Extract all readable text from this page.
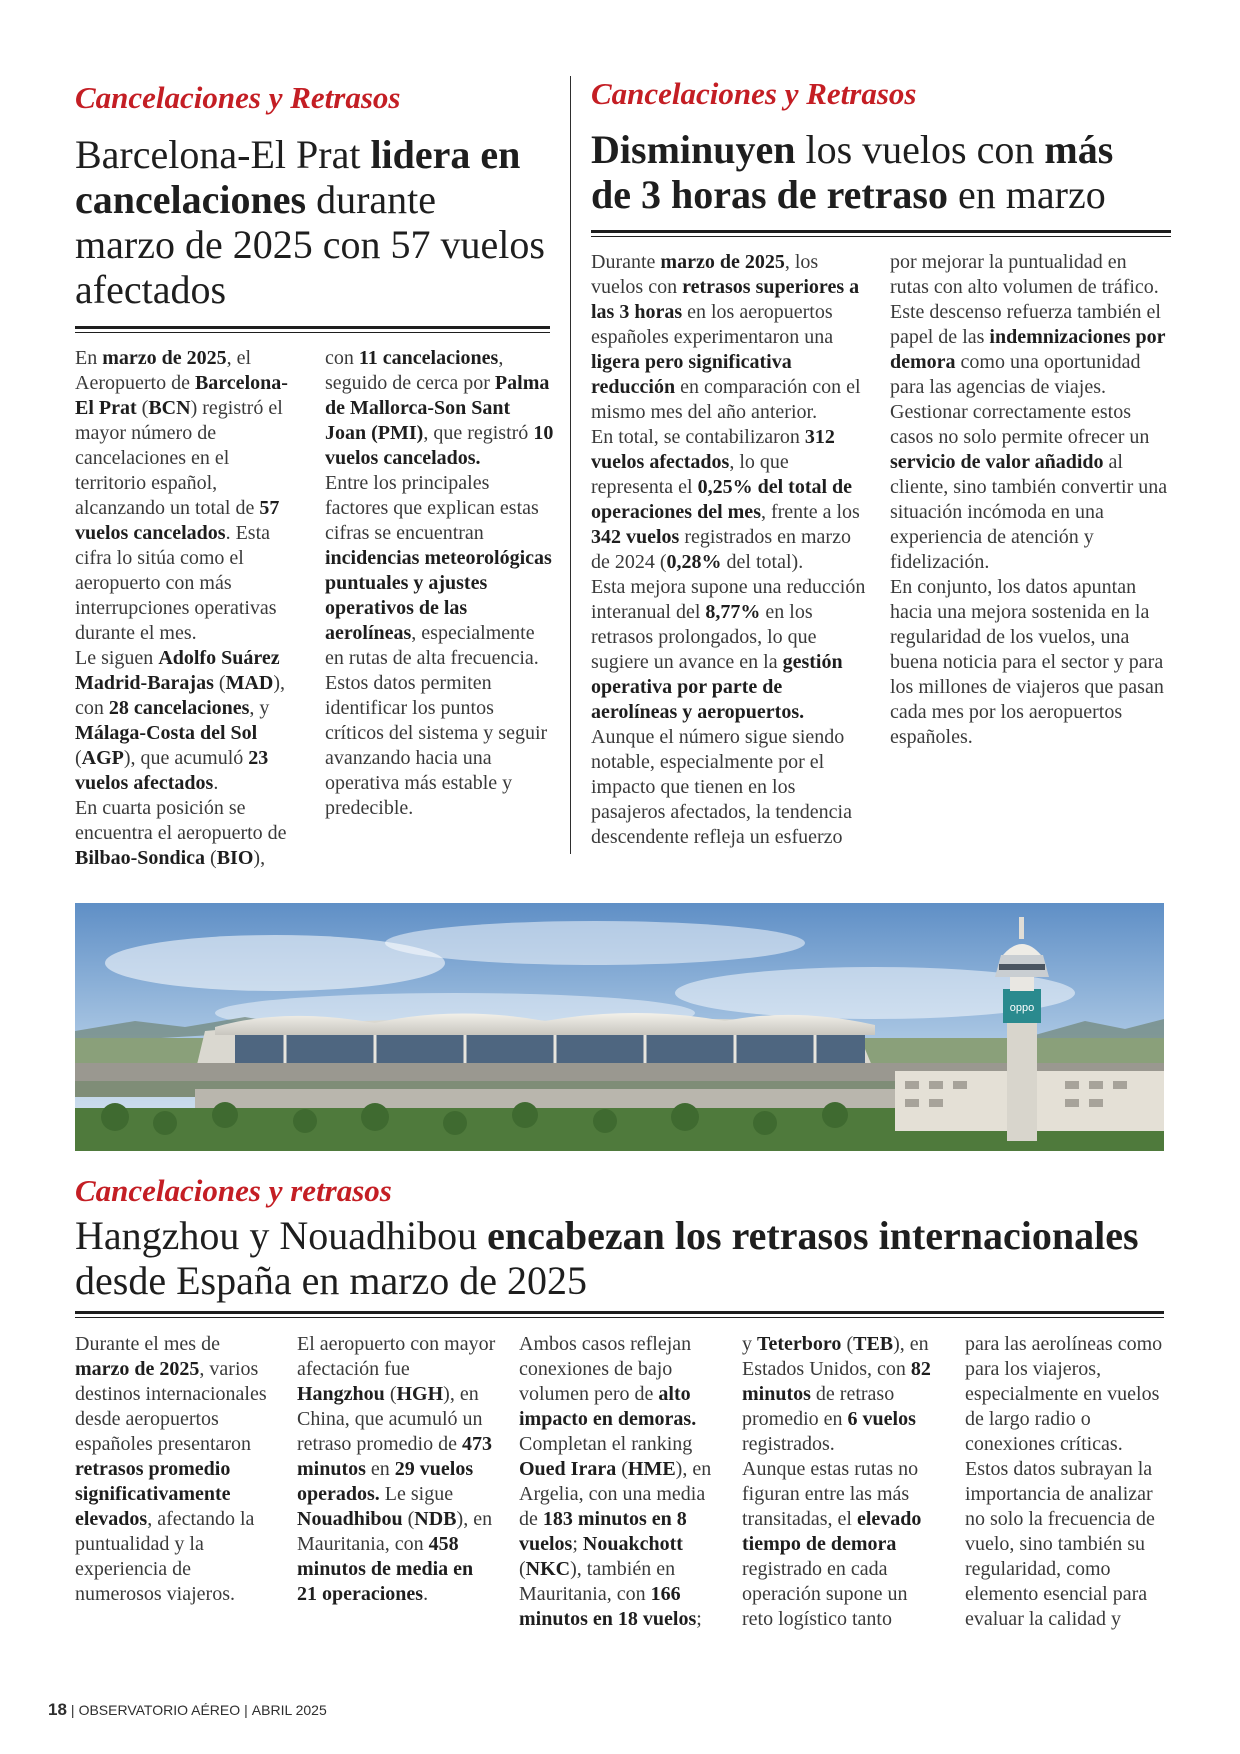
Cancelaciones y Retrasos
Barcelona-El Prat lidera en cancelaciones durante marzo de 2025 con 57 vuelos afectados

En marzo de 2025, el Aeropuerto de Barcelona-El Prat (BCN) registró el mayor número de cancelaciones en el territorio español, alcanzando un total de 57 vuelos cancelados. Esta cifra lo sitúa como el aeropuerto con más interrupciones operativas durante el mes.

Le siguen Adolfo Suárez Madrid-Barajas (MAD), con 28 cancelaciones, y Málaga-Costa del Sol (AGP), que acumuló 23 vuelos afectados.

En cuarta posición se encuentra el aeropuerto de Bilbao-Sondica (BIO),

con 11 cancelaciones, seguido de cerca por Palma de Mallorca-Son Sant Joan (PMI), que registró 10 vuelos cancelados.

Entre los principales factores que explican estas cifras se encuentran incidencias meteorológicas puntuales y ajustes operativos de las aerolíneas, especialmente en rutas de alta frecuencia.

Estos datos permiten identificar los puntos críticos del sistema y seguir avanzando hacia una operativa más estable y predecible.

Cancelaciones y Retrasos
Disminuyen los vuelos con más de 3 horas de retraso en marzo

Durante marzo de 2025, los vuelos con retrasos superiores a las 3 horas en los aeropuertos españoles experimentaron una ligera pero significativa reducción en comparación con el mismo mes del año anterior.

En total, se contabilizaron 312 vuelos afectados, lo que representa el 0,25% del total de operaciones del mes, frente a los 342 vuelos registrados en marzo de 2024 (0,28% del total).

Esta mejora supone una reducción interanual del 8,77% en los retrasos prolongados, lo que sugiere un avance en la gestión operativa por parte de aerolíneas y aeropuertos.

Aunque el número sigue siendo notable, especialmente por el impacto que tienen en los pasajeros afectados, la tendencia descendente refleja un esfuerzo

por mejorar la puntualidad en rutas con alto volumen de tráfico.

Este descenso refuerza también el papel de las indemnizaciones por demora como una oportunidad para las agencias de viajes. Gestionar correctamente estos casos no solo permite ofrecer un servicio de valor añadido al cliente, sino también convertir una situación incómoda en una experiencia de atención y fidelización.

En conjunto, los datos apuntan hacia una mejora sostenida en la regularidad de los vuelos, una buena noticia para el sector y para los millones de viajeros que pasan cada mes por los aeropuertos españoles.

oppo
Cancelaciones y retrasos
Hangzhou y Nouadhibou encabezan los retrasos internacionales desde España en marzo de 2025

Durante el mes de marzo de 2025, varios destinos internacionales desde aeropuertos españoles presentaron retrasos promedio significativamente elevados, afectando la puntualidad y la experiencia de numerosos viajeros.

El aeropuerto con mayor afectación fue Hangzhou (HGH), en China, que acumuló un retraso promedio de 473 minutos en 29 vuelos operados. Le sigue Nouadhibou (NDB), en Mauritania, con 458 minutos de media en 21 operaciones.

Ambos casos reflejan conexiones de bajo volumen pero de alto impacto en demoras. Completan el ranking Oued Irara (HME), en Argelia, con una media de 183 minutos en 8 vuelos; Nouakchott (NKC), también en Mauritania, con 166 minutos en 18 vuelos;

y Teterboro (TEB), en Estados Unidos, con 82 minutos de retraso promedio en 6 vuelos registrados.

Aunque estas rutas no figuran entre las más transitadas, el elevado tiempo de demora registrado en cada operación supone un reto logístico tanto

para las aerolíneas como para los viajeros, especialmente en vuelos de largo radio o conexiones críticas.

Estos datos subrayan la importancia de analizar no solo la frecuencia de vuelo, sino también su regularidad, como elemento esencial para evaluar la calidad y

18 | OBSERVATORIO AÉREO | ABRIL 2025
